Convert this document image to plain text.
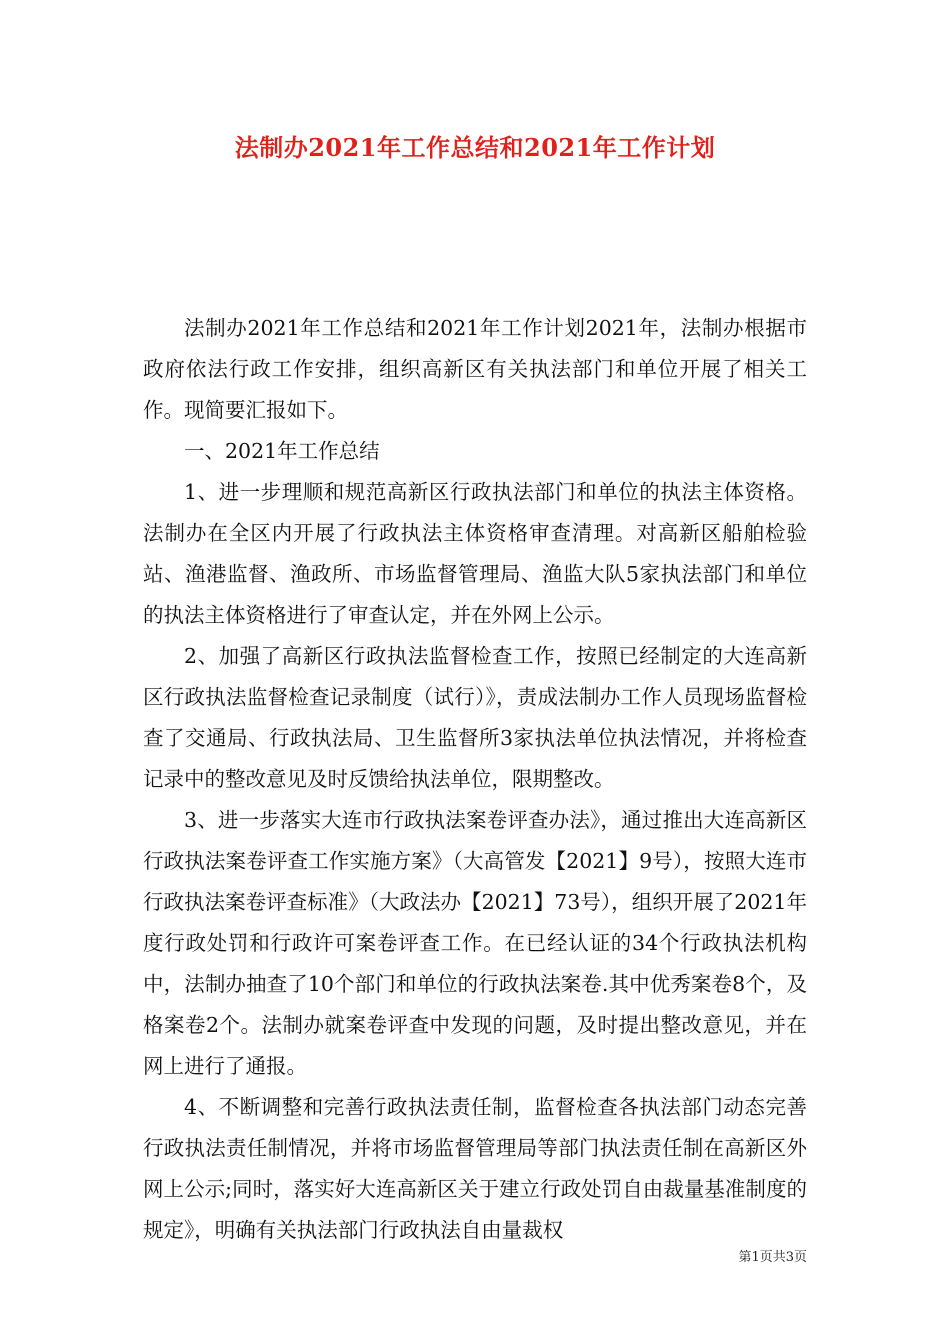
法制办2021年工作总结和2021年工作计划

法制办2021年工作总结和2021年工作计划2021年，法制办根据市政府依法行政工作安排，组织高新区有关执法部门和单位开展了相关工作。现简要汇报如下。

一、2021年工作总结

1、进一步理顺和规范高新区行政执法部门和单位的执法主体资格。法制办在全区内开展了行政执法主体资格审查清理。对高新区船舶检验站、渔港监督、渔政所、市场监督管理局、渔监大队5家执法部门和单位的执法主体资格进行了审查认定，并在外网上公示。

2、加强了高新区行政执法监督检查工作，按照已经制定的大连高新区行政执法监督检查记录制度（试行）》，责成法制办工作人员现场监督检查了交通局、行政执法局、卫生监督所3家执法单位执法情况，并将检查记录中的整改意见及时反馈给执法单位，限期整改。

3、进一步落实大连市行政执法案卷评查办法》，通过推出大连高新区行政执法案卷评查工作实施方案》（大高管发【2021】9号），按照大连市行政执法案卷评查标准》（大政法办【2021】73号），组织开展了2021年度行政处罚和行政许可案卷评查工作。在已经认证的34个行政执法机构中，法制办抽查了10个部门和单位的行政执法案卷.其中优秀案卷8个，及格案卷2个。法制办就案卷评查中发现的问题，及时提出整改意见，并在网上进行了通报。

4、不断调整和完善行政执法责任制，监督检查各执法部门动态完善行政执法责任制情况，并将市场监督管理局等部门执法责任制在高新区外网上公示;同时，落实好大连高新区关于建立行政处罚自由裁量基准制度的规定》，明确有关执法部门行政执法自由量裁权

第1页共3页
